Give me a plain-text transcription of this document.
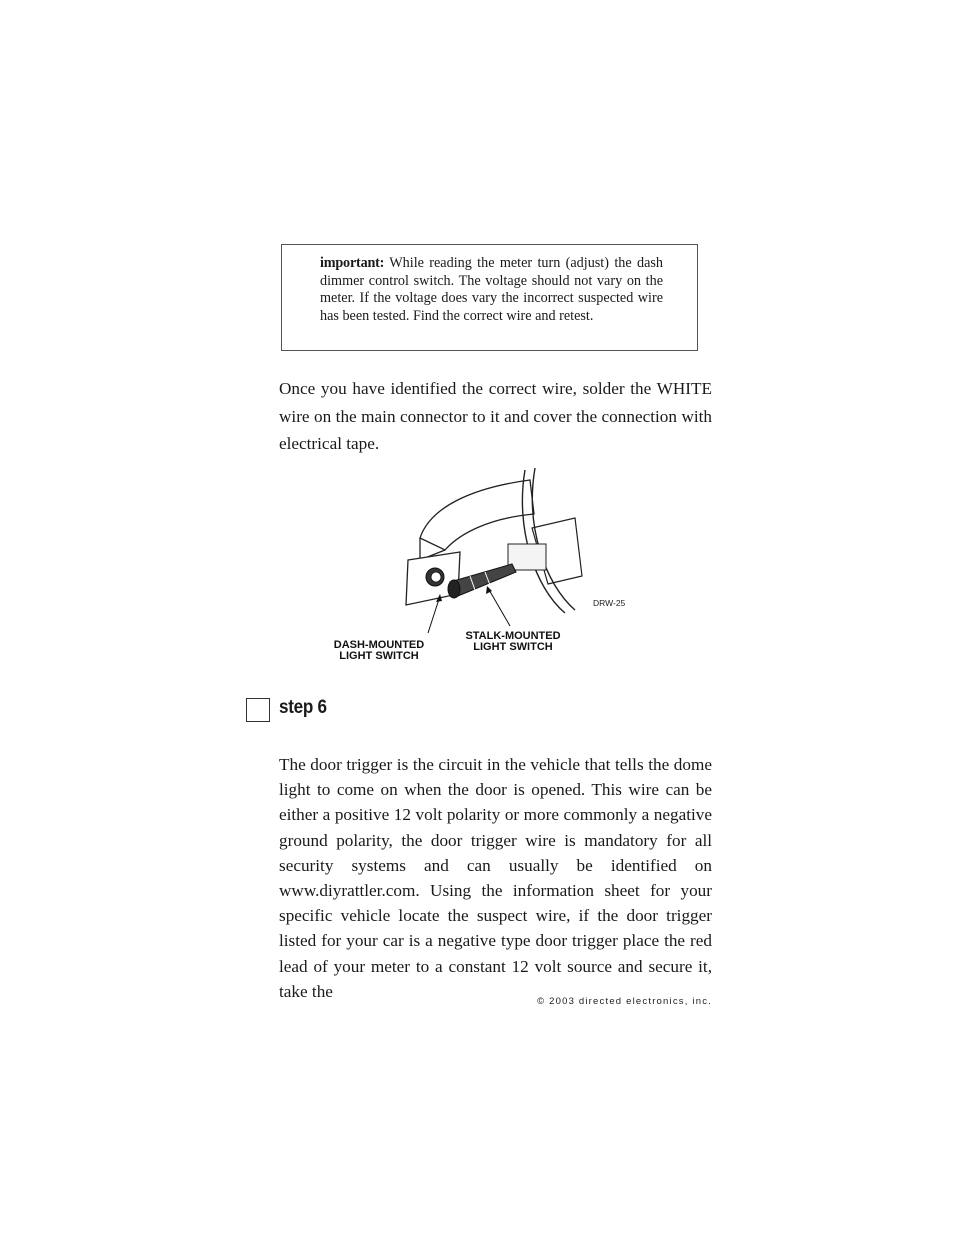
important: While reading the meter turn (adjust) the dash dimmer control switch. The voltage should not vary on the meter. If the voltage does vary the incorrect suspected wire has been tested. Find the correct wire and retest.
Once you have identified the correct wire, solder the WHITE wire on the main connector to it and cover the connection with electrical tape.
DRW-25
DASH-MOUNTED
LIGHT SWITCH
STALK-MOUNTED
LIGHT SWITCH
step 6
The door trigger is the circuit in the vehicle that tells the dome light to come on when the door is opened. This wire can be either a positive 12 volt polarity or more commonly a negative ground polarity, the door trigger wire is mandatory for all security systems and can usually be identified on www.diyrattler.com. Using the information sheet for your specific vehicle locate the suspect wire, if the door trigger listed for your car is a negative type door trigger place the red lead of your meter to a constant 12 volt source and secure it, take the
© 2003 directed electronics, inc.
